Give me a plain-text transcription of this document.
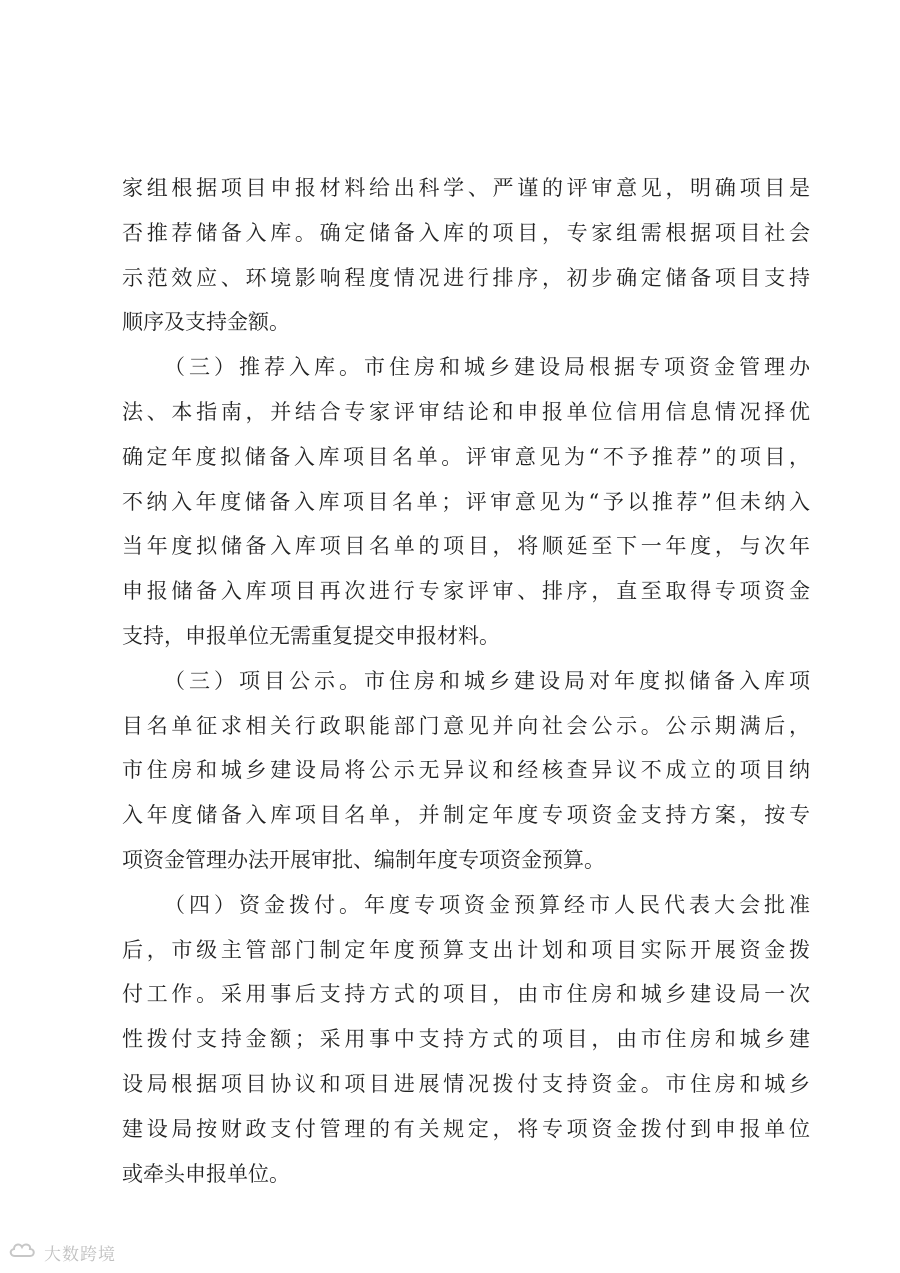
家组根据项目申报材料给出科学、严谨的评审意见，明确项目是
否推荐储备入库。确定储备入库的项目，专家组需根据项目社会
示范效应、环境影响程度情况进行排序，初步确定储备项目支持
顺序及支持金额。
（三）推荐入库。市住房和城乡建设局根据专项资金管理办
法、本指南，并结合专家评审结论和申报单位信用信息情况择优
确定年度拟储备入库项目名单。评审意见为“不予推荐”的项目，
不纳入年度储备入库项目名单；评审意见为“予以推荐”但未纳入
当年度拟储备入库项目名单的项目，将顺延至下一年度，与次年
申报储备入库项目再次进行专家评审、排序，直至取得专项资金
支持，申报单位无需重复提交申报材料。
（三）项目公示。市住房和城乡建设局对年度拟储备入库项
目名单征求相关行政职能部门意见并向社会公示。公示期满后，
市住房和城乡建设局将公示无异议和经核查异议不成立的项目纳
入年度储备入库项目名单，并制定年度专项资金支持方案，按专
项资金管理办法开展审批、编制年度专项资金预算。
（四）资金拨付。年度专项资金预算经市人民代表大会批准
后，市级主管部门制定年度预算支出计划和项目实际开展资金拨
付工作。采用事后支持方式的项目，由市住房和城乡建设局一次
性拨付支持金额；采用事中支持方式的项目，由市住房和城乡建
设局根据项目协议和项目进展情况拨付支持资金。市住房和城乡
建设局按财政支付管理的有关规定，将专项资金拨付到申报单位
或牵头申报单位。
大数跨境
